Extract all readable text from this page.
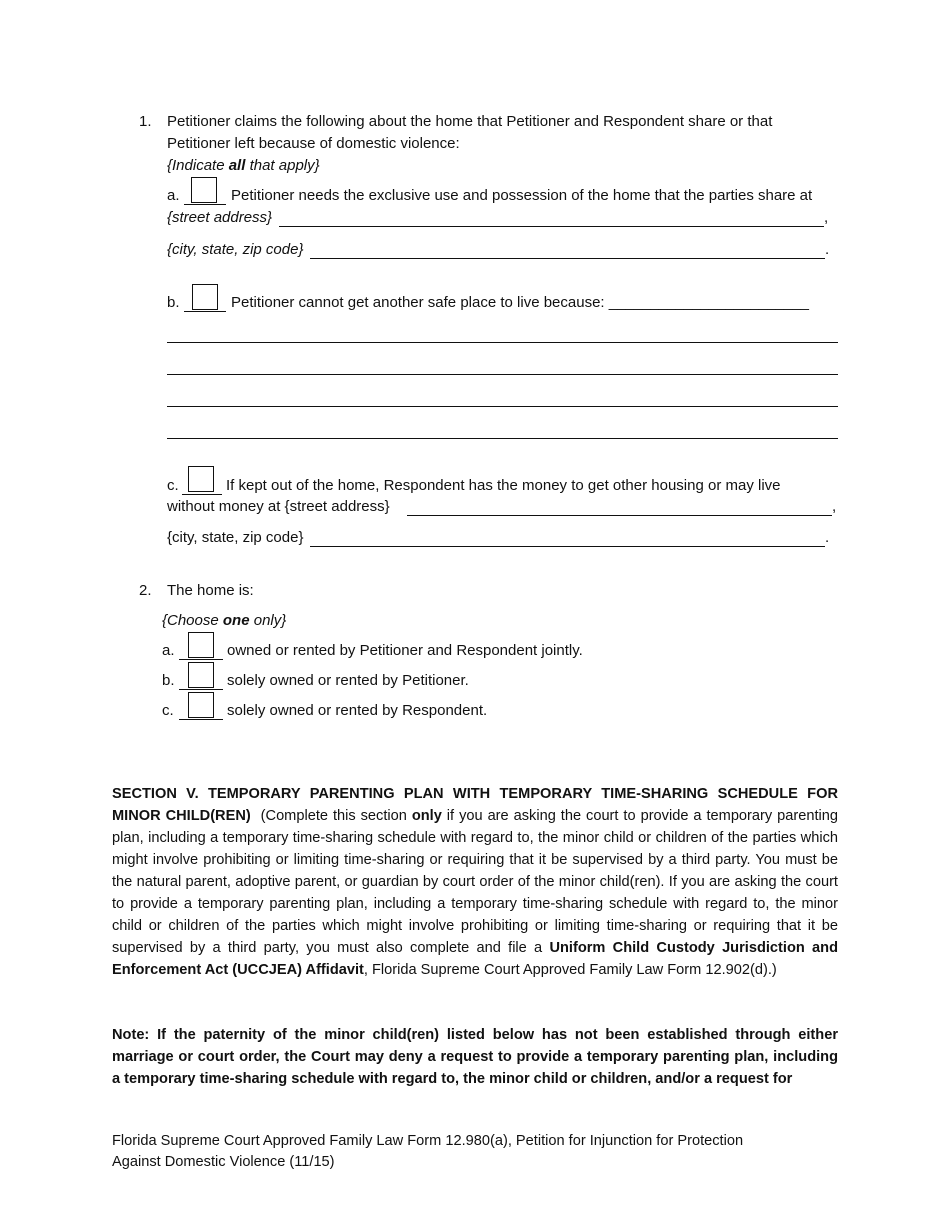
1. Petitioner claims the following about the home that Petitioner and Respondent share or that
Petitioner left because of domestic violence:
{Indicate all that apply}
a.	Petitioner needs the exclusive use and possession of the home that the parties share at
{street address}	,
{city, state, zip code}	.
b.	Petitioner cannot get another safe place to live because: ________________________
c.	If kept out of the home, Respondent has the money to get other housing or may live
without money at {street address}	,
{city, state, zip code}	.
2. The home is:
{Choose one only}
a.	owned or rented by Petitioner and Respondent jointly.
b.	solely owned or rented by Petitioner.
c.	solely owned or rented by Respondent.
SECTION V. TEMPORARY PARENTING PLAN WITH TEMPORARY TIME-SHARING SCHEDULE FOR MINOR CHILD(REN) (Complete this section only if you are asking the court to provide a temporary parenting plan, including a temporary time-sharing schedule with regard to, the minor child or children of the parties which might involve prohibiting or limiting time-sharing or requiring that it be supervised by a third party. You must be the natural parent, adoptive parent, or guardian by court order of the minor child(ren). If you are asking the court to provide a temporary parenting plan, including a temporary time-sharing schedule with regard to, the minor child or children of the parties which might involve prohibiting or limiting time-sharing or requiring that it be supervised by a third party, you must also complete and file a Uniform Child Custody Jurisdiction and Enforcement Act (UCCJEA) Affidavit, Florida Supreme Court Approved Family Law Form 12.902(d).)
Note: If the paternity of the minor child(ren) listed below has not been established through either marriage or court order, the Court may deny a request to provide a temporary parenting plan, including a temporary time-sharing schedule with regard to, the minor child or children, and/or a request for
Florida Supreme Court Approved Family Law Form 12.980(a), Petition for Injunction for Protection
Against Domestic Violence (11/15)
